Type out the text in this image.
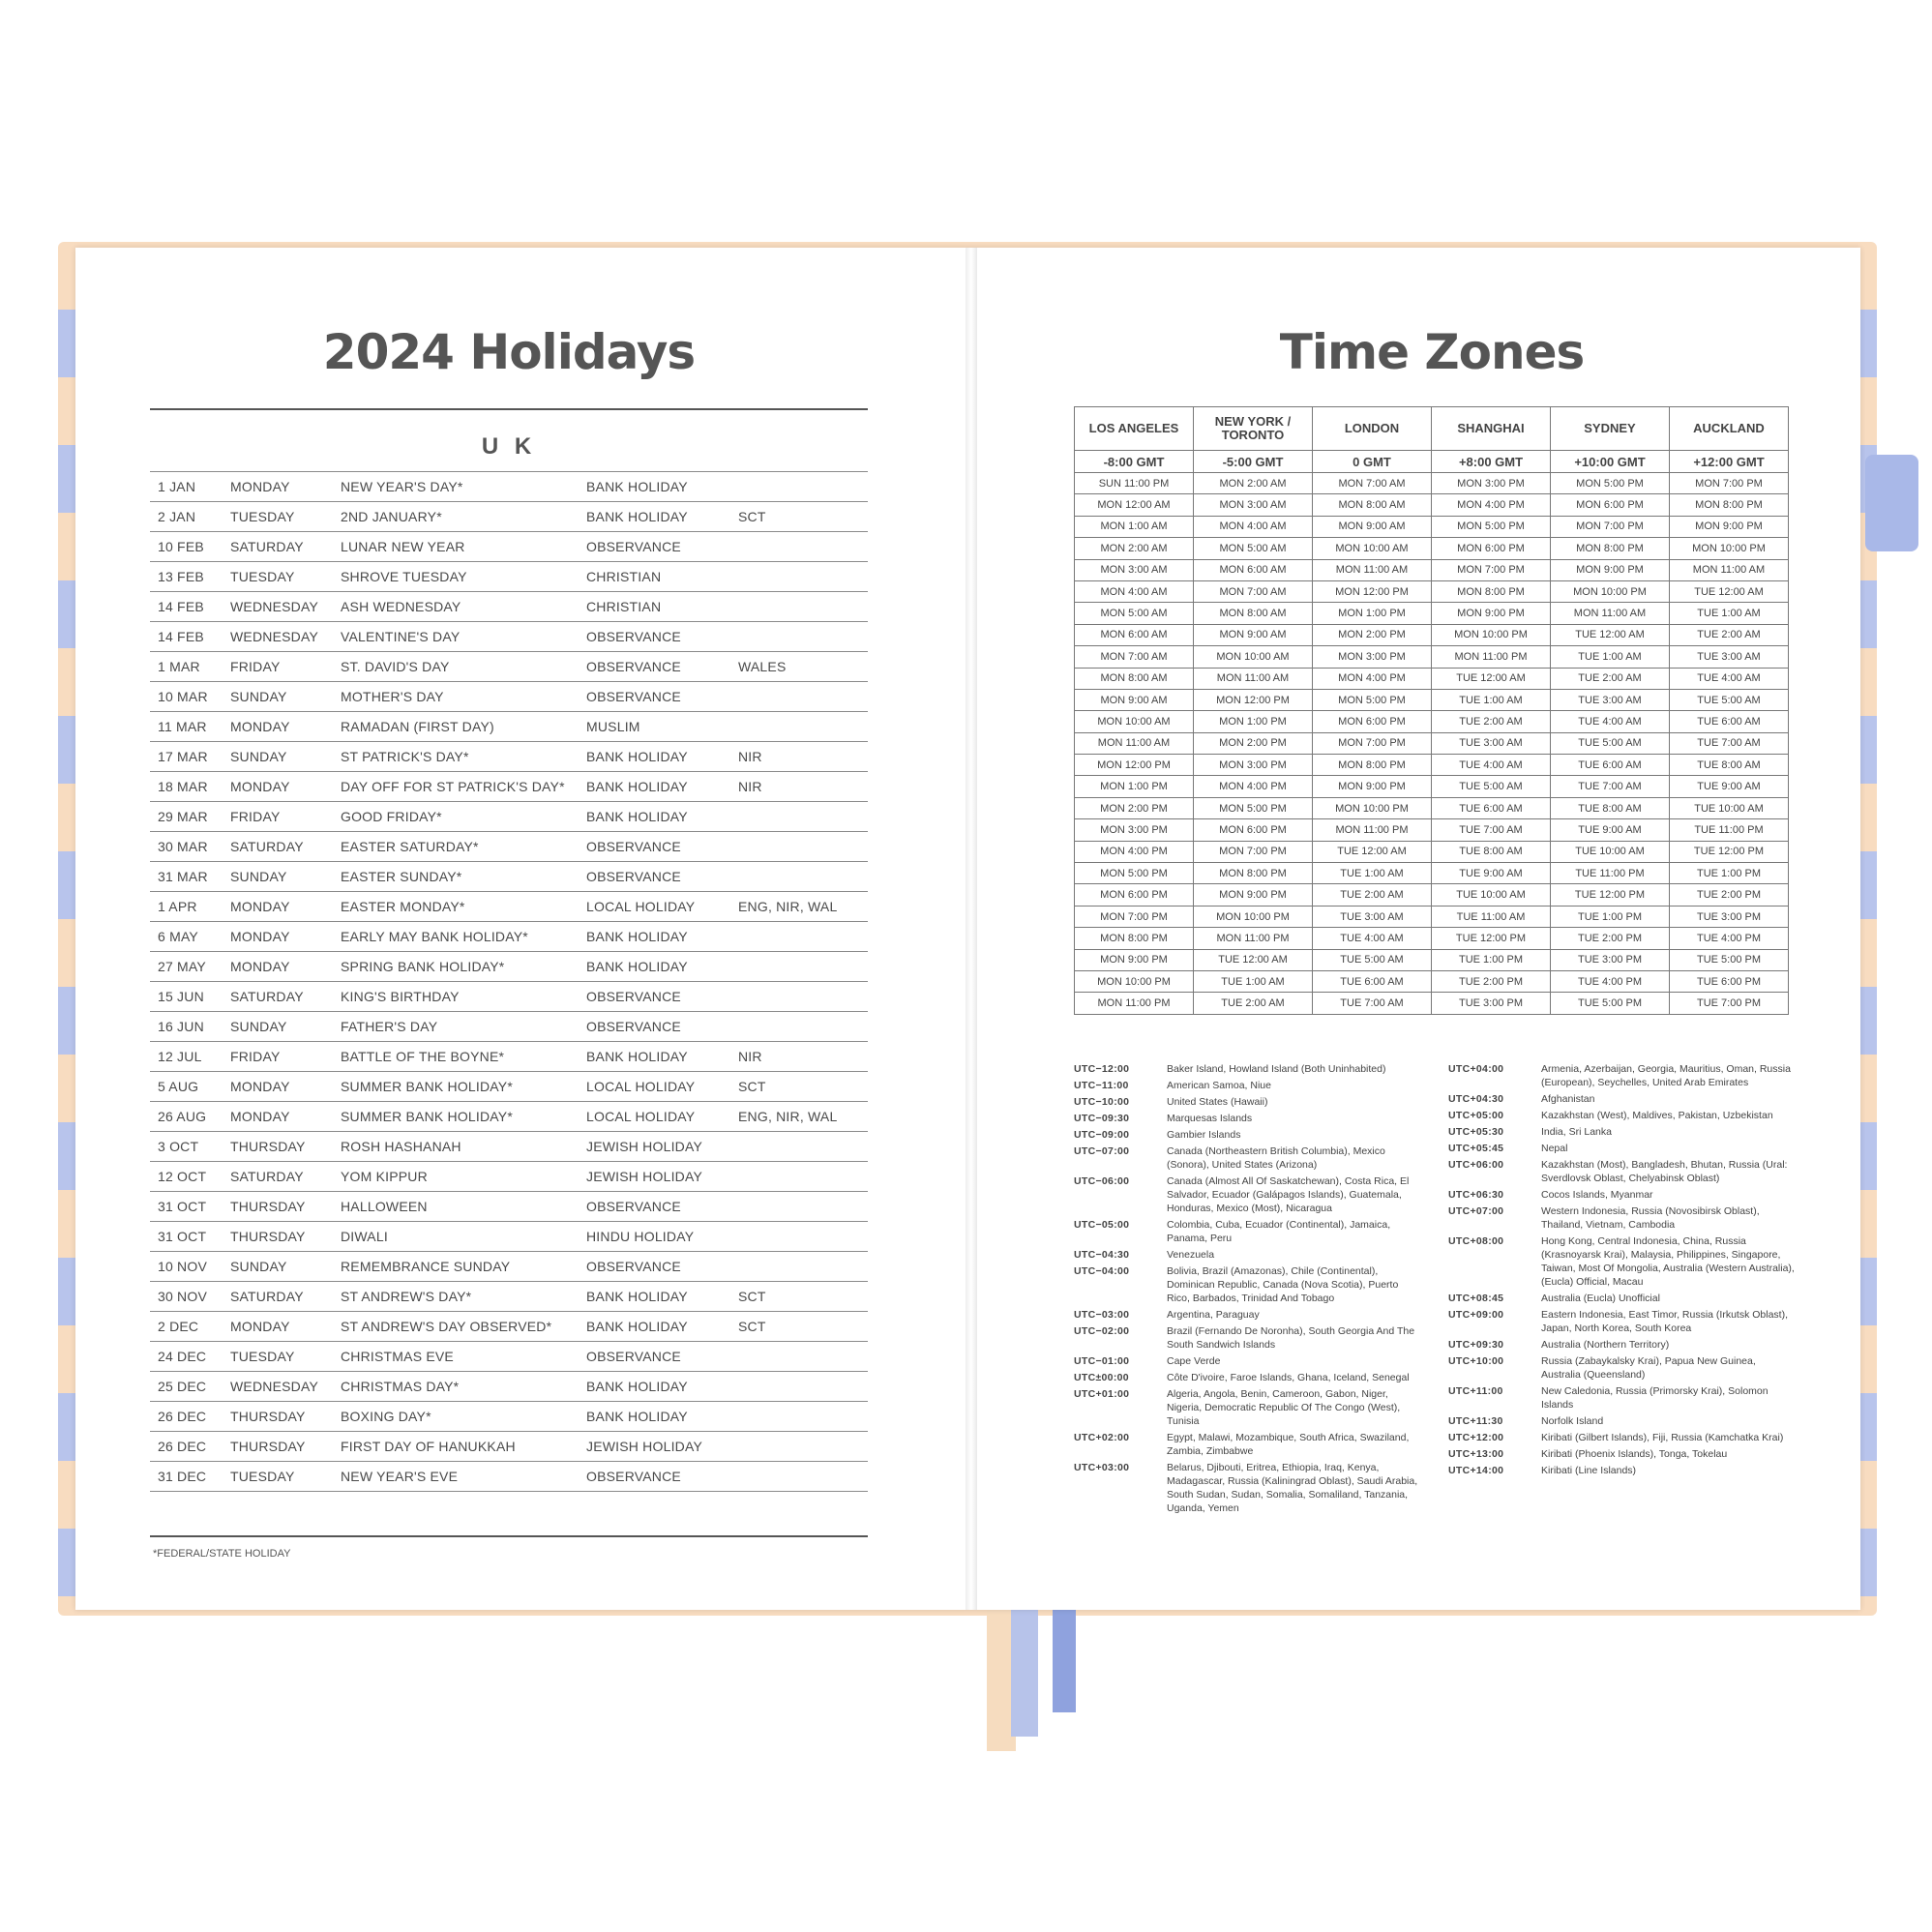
2024 Holidays
U K
1 JAN	MONDAY	NEW YEAR'S DAY*	BANK HOLIDAY
2 JAN	TUESDAY	2ND JANUARY*	BANK HOLIDAY	SCT
10 FEB	SATURDAY	LUNAR NEW YEAR	OBSERVANCE
13 FEB	TUESDAY	SHROVE TUESDAY	CHRISTIAN
14 FEB	WEDNESDAY	ASH WEDNESDAY	CHRISTIAN
14 FEB	WEDNESDAY	VALENTINE'S DAY	OBSERVANCE
1 MAR	FRIDAY	ST. DAVID'S DAY	OBSERVANCE	WALES
10 MAR	SUNDAY	MOTHER'S DAY	OBSERVANCE
11 MAR	MONDAY	RAMADAN (FIRST DAY)	MUSLIM
17 MAR	SUNDAY	ST PATRICK'S DAY*	BANK HOLIDAY	NIR
18 MAR	MONDAY	DAY OFF FOR ST PATRICK'S DAY*	BANK HOLIDAY	NIR
29 MAR	FRIDAY	GOOD FRIDAY*	BANK HOLIDAY
30 MAR	SATURDAY	EASTER SATURDAY*	OBSERVANCE
31 MAR	SUNDAY	EASTER SUNDAY*	OBSERVANCE
1 APR	MONDAY	EASTER MONDAY*	LOCAL HOLIDAY	ENG, NIR, WAL
6 MAY	MONDAY	EARLY MAY BANK HOLIDAY*	BANK HOLIDAY
27 MAY	MONDAY	SPRING BANK HOLIDAY*	BANK HOLIDAY
15 JUN	SATURDAY	KING'S BIRTHDAY	OBSERVANCE
16 JUN	SUNDAY	FATHER'S DAY	OBSERVANCE
12 JUL	FRIDAY	BATTLE OF THE BOYNE*	BANK HOLIDAY	NIR
5 AUG	MONDAY	SUMMER BANK HOLIDAY*	LOCAL HOLIDAY	SCT
26 AUG	MONDAY	SUMMER BANK HOLIDAY*	LOCAL HOLIDAY	ENG, NIR, WAL
3 OCT	THURSDAY	ROSH HASHANAH	JEWISH HOLIDAY
12 OCT	SATURDAY	YOM KIPPUR	JEWISH HOLIDAY
31 OCT	THURSDAY	HALLOWEEN	OBSERVANCE
31 OCT	THURSDAY	DIWALI	HINDU HOLIDAY
10 NOV	SUNDAY	REMEMBRANCE SUNDAY	OBSERVANCE
30 NOV	SATURDAY	ST ANDREW'S DAY*	BANK HOLIDAY	SCT
2 DEC	MONDAY	ST ANDREW'S DAY OBSERVED*	BANK HOLIDAY	SCT
24 DEC	TUESDAY	CHRISTMAS EVE	OBSERVANCE
25 DEC	WEDNESDAY	CHRISTMAS DAY*	BANK HOLIDAY
26 DEC	THURSDAY	BOXING DAY*	BANK HOLIDAY
26 DEC	THURSDAY	FIRST DAY OF HANUKKAH	JEWISH HOLIDAY
31 DEC	TUESDAY	NEW YEAR'S EVE	OBSERVANCE
*FEDERAL/STATE HOLIDAY
Time Zones
LOS ANGELES	NEW YORK / TORONTO	LONDON	SHANGHAI	SYDNEY	AUCKLAND
-8:00 GMT	-5:00 GMT	0 GMT	+8:00 GMT	+10:00 GMT	+12:00 GMT
SUN 11:00 PM	MON 2:00 AM	MON 7:00 AM	MON 3:00 PM	MON 5:00 PM	MON 7:00 PM
MON 12:00 AM	MON 3:00 AM	MON 8:00 AM	MON 4:00 PM	MON 6:00 PM	MON 8:00 PM
MON 1:00 AM	MON 4:00 AM	MON 9:00 AM	MON 5:00 PM	MON 7:00 PM	MON 9:00 PM
MON 2:00 AM	MON 5:00 AM	MON 10:00 AM	MON 6:00 PM	MON 8:00 PM	MON 10:00 PM
MON 3:00 AM	MON 6:00 AM	MON 11:00 AM	MON 7:00 PM	MON 9:00 PM	MON 11:00 AM
MON 4:00 AM	MON 7:00 AM	MON 12:00 PM	MON 8:00 PM	MON 10:00 PM	TUE 12:00 AM
MON 5:00 AM	MON 8:00 AM	MON 1:00 PM	MON 9:00 PM	MON 11:00 AM	TUE 1:00 AM
MON 6:00 AM	MON 9:00 AM	MON 2:00 PM	MON 10:00 PM	TUE 12:00 AM	TUE 2:00 AM
MON 7:00 AM	MON 10:00 AM	MON 3:00 PM	MON 11:00 PM	TUE 1:00 AM	TUE 3:00 AM
MON 8:00 AM	MON 11:00 AM	MON 4:00 PM	TUE 12:00 AM	TUE 2:00 AM	TUE 4:00 AM
MON 9:00 AM	MON 12:00 PM	MON 5:00 PM	TUE 1:00 AM	TUE 3:00 AM	TUE 5:00 AM
MON 10:00 AM	MON 1:00 PM	MON 6:00 PM	TUE 2:00 AM	TUE 4:00 AM	TUE 6:00 AM
MON 11:00 AM	MON 2:00 PM	MON 7:00 PM	TUE 3:00 AM	TUE 5:00 AM	TUE 7:00 AM
MON 12:00 PM	MON 3:00 PM	MON 8:00 PM	TUE 4:00 AM	TUE 6:00 AM	TUE 8:00 AM
MON 1:00 PM	MON 4:00 PM	MON 9:00 PM	TUE 5:00 AM	TUE 7:00 AM	TUE 9:00 AM
MON 2:00 PM	MON 5:00 PM	MON 10:00 PM	TUE 6:00 AM	TUE 8:00 AM	TUE 10:00 AM
MON 3:00 PM	MON 6:00 PM	MON 11:00 PM	TUE 7:00 AM	TUE 9:00 AM	TUE 11:00 PM
MON 4:00 PM	MON 7:00 PM	TUE 12:00 AM	TUE 8:00 AM	TUE 10:00 AM	TUE 12:00 PM
MON 5:00 PM	MON 8:00 PM	TUE 1:00 AM	TUE 9:00 AM	TUE 11:00 PM	TUE 1:00 PM
MON 6:00 PM	MON 9:00 PM	TUE 2:00 AM	TUE 10:00 AM	TUE 12:00 PM	TUE 2:00 PM
MON 7:00 PM	MON 10:00 PM	TUE 3:00 AM	TUE 11:00 AM	TUE 1:00 PM	TUE 3:00 PM
MON 8:00 PM	MON 11:00 PM	TUE 4:00 AM	TUE 12:00 PM	TUE 2:00 PM	TUE 4:00 PM
MON 9:00 PM	TUE 12:00 AM	TUE 5:00 AM	TUE 1:00 PM	TUE 3:00 PM	TUE 5:00 PM
MON 10:00 PM	TUE 1:00 AM	TUE 6:00 AM	TUE 2:00 PM	TUE 4:00 PM	TUE 6:00 PM
MON 11:00 PM	TUE 2:00 AM	TUE 7:00 AM	TUE 3:00 PM	TUE 5:00 PM	TUE 7:00 PM
UTC−12:00	Baker Island, Howland Island (Both Uninhabited)
UTC−11:00	American Samoa, Niue
UTC−10:00	United States (Hawaii)
UTC−09:30	Marquesas Islands
UTC−09:00	Gambier Islands
UTC−07:00	Canada (Northeastern British Columbia), Mexico (Sonora), United States (Arizona)
UTC−06:00	Canada (Almost All Of Saskatchewan), Costa Rica, El Salvador, Ecuador (Galápagos Islands), Guatemala, Honduras, Mexico (Most), Nicaragua
UTC−05:00	Colombia, Cuba, Ecuador (Continental), Jamaica, Panama, Peru
UTC−04:30	Venezuela
UTC−04:00	Bolivia, Brazil (Amazonas), Chile (Continental), Dominican Republic, Canada (Nova Scotia), Puerto Rico, Barbados, Trinidad And Tobago
UTC−03:00	Argentina, Paraguay
UTC−02:00	Brazil (Fernando De Noronha), South Georgia And The South Sandwich Islands
UTC−01:00	Cape Verde
UTC±00:00	Côte D'ivoire, Faroe Islands, Ghana, Iceland, Senegal
UTC+01:00	Algeria, Angola, Benin, Cameroon, Gabon, Niger, Nigeria, Democratic Republic Of The Congo (West), Tunisia
UTC+02:00	Egypt, Malawi, Mozambique, South Africa, Swaziland, Zambia, Zimbabwe
UTC+03:00	Belarus, Djibouti, Eritrea, Ethiopia, Iraq, Kenya, Madagascar, Russia (Kaliningrad Oblast), Saudi Arabia, South Sudan, Sudan, Somalia, Somaliland, Tanzania, Uganda, Yemen
UTC+04:00	Armenia, Azerbaijan, Georgia, Mauritius, Oman, Russia (European), Seychelles, United Arab Emirates
UTC+04:30	Afghanistan
UTC+05:00	Kazakhstan (West), Maldives, Pakistan, Uzbekistan
UTC+05:30	India, Sri Lanka
UTC+05:45	Nepal
UTC+06:00	Kazakhstan (Most), Bangladesh, Bhutan, Russia (Ural: Sverdlovsk Oblast, Chelyabinsk Oblast)
UTC+06:30	Cocos Islands, Myanmar
UTC+07:00	Western Indonesia, Russia (Novosibirsk Oblast), Thailand, Vietnam, Cambodia
UTC+08:00	Hong Kong, Central Indonesia, China, Russia (Krasnoyarsk Krai), Malaysia, Philippines, Singapore, Taiwan, Most Of Mongolia, Australia (Western Australia), (Eucla) Official, Macau
UTC+08:45	Australia (Eucla) Unofficial
UTC+09:00	Eastern Indonesia, East Timor, Russia (Irkutsk Oblast), Japan, North Korea, South Korea
UTC+09:30	Australia (Northern Territory)
UTC+10:00	Russia (Zabaykalsky Krai), Papua New Guinea, Australia (Queensland)
UTC+11:00	New Caledonia, Russia (Primorsky Krai), Solomon Islands
UTC+11:30	Norfolk Island
UTC+12:00	Kiribati (Gilbert Islands), Fiji, Russia (Kamchatka Krai)
UTC+13:00	Kiribati (Phoenix Islands), Tonga, Tokelau
UTC+14:00	Kiribati (Line Islands)
